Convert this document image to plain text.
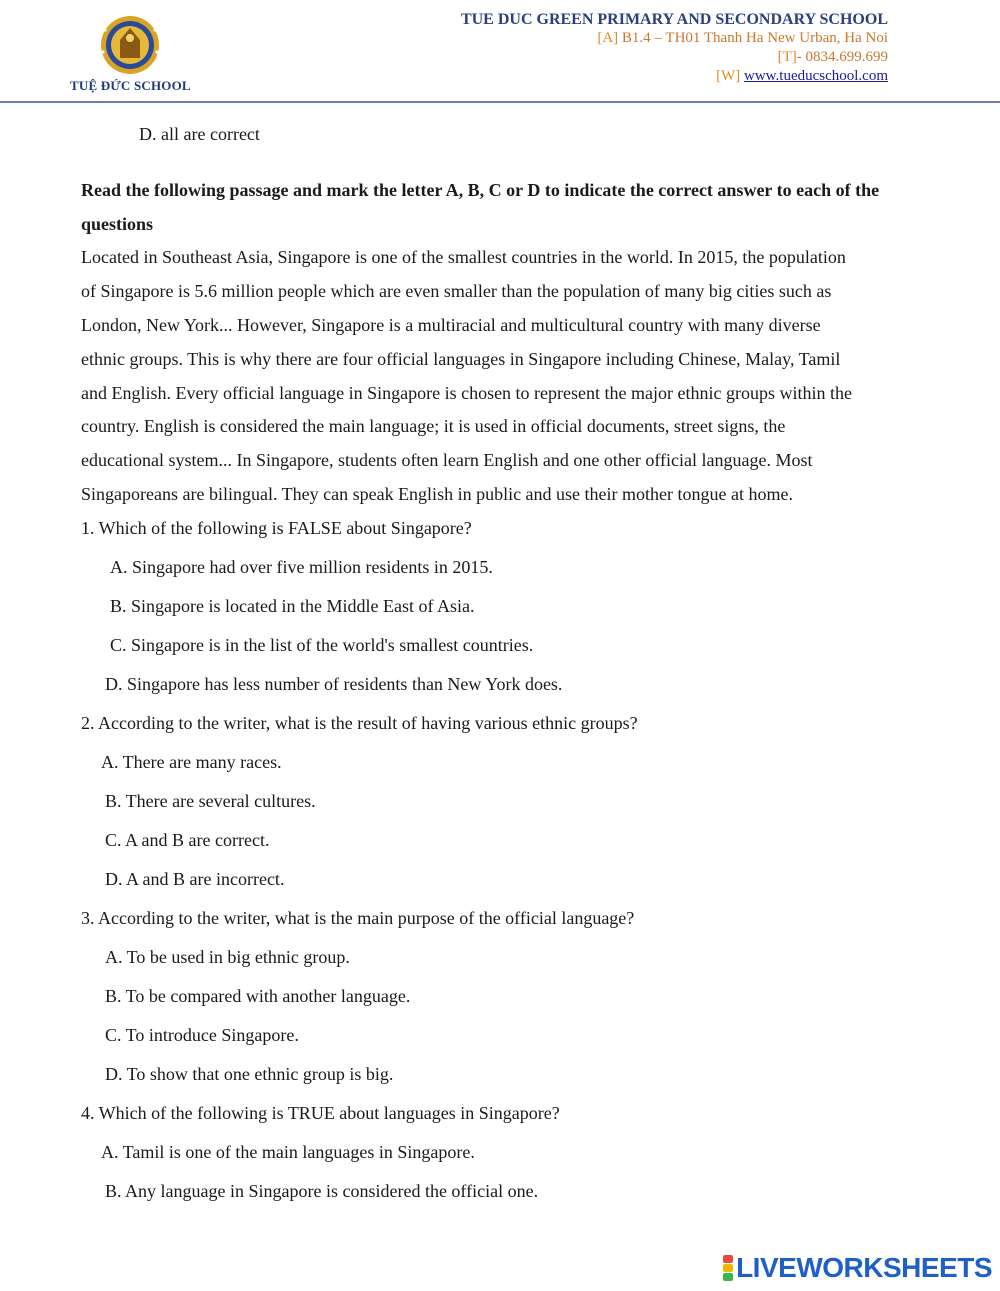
TUỆ ĐỨC SCHOOL
TUE DUC GREEN PRIMARY AND SECONDARY SCHOOL
[A] B1.4 – TH01 Thanh Ha New Urban, Ha Noi
[T]- 0834.699.699
[W] www.tueducschool.com

D. all are correct

Read the following passage and mark the letter A, B, C or D to indicate the correct answer to each of the questions

Located in Southeast Asia, Singapore is one of the smallest countries in the world. In 2015, the population

of Singapore is 5.6 million people which are even smaller than the population of many big cities such as

London, New York... However, Singapore is a multiracial and multicultural country with many diverse

ethnic groups. This is why there are four official languages in Singapore including Chinese, Malay, Tamil

and English. Every official language in Singapore is chosen to represent the major ethnic groups within the

country. English is considered the main language; it is used in official documents, street signs, the

educational system... In Singapore, students often learn English and one other official language. Most

Singaporeans are bilingual. They can speak English in public and use their mother tongue at home.

1. Which of the following is FALSE about Singapore?

A. Singapore had over five million residents in 2015.

B. Singapore is located in the Middle East of Asia.

C. Singapore is in the list of the world's smallest countries.

D. Singapore has less number of residents than New York does.

2. According to the writer, what is the result of having various ethnic groups?

A. There are many races.

B. There are several cultures.

C. A and B are correct.

D. A and B are incorrect.

3. According to the writer, what is the main purpose of the official language?

A. To be used in big ethnic group.

B. To be compared with another language.

C. To introduce Singapore.

D. To show that one ethnic group is big.

4. Which of the following is TRUE about languages in Singapore?

A. Tamil is one of the main languages in Singapore.

B. Any language in Singapore is considered the official one.

LIVEWORKSHEETS
